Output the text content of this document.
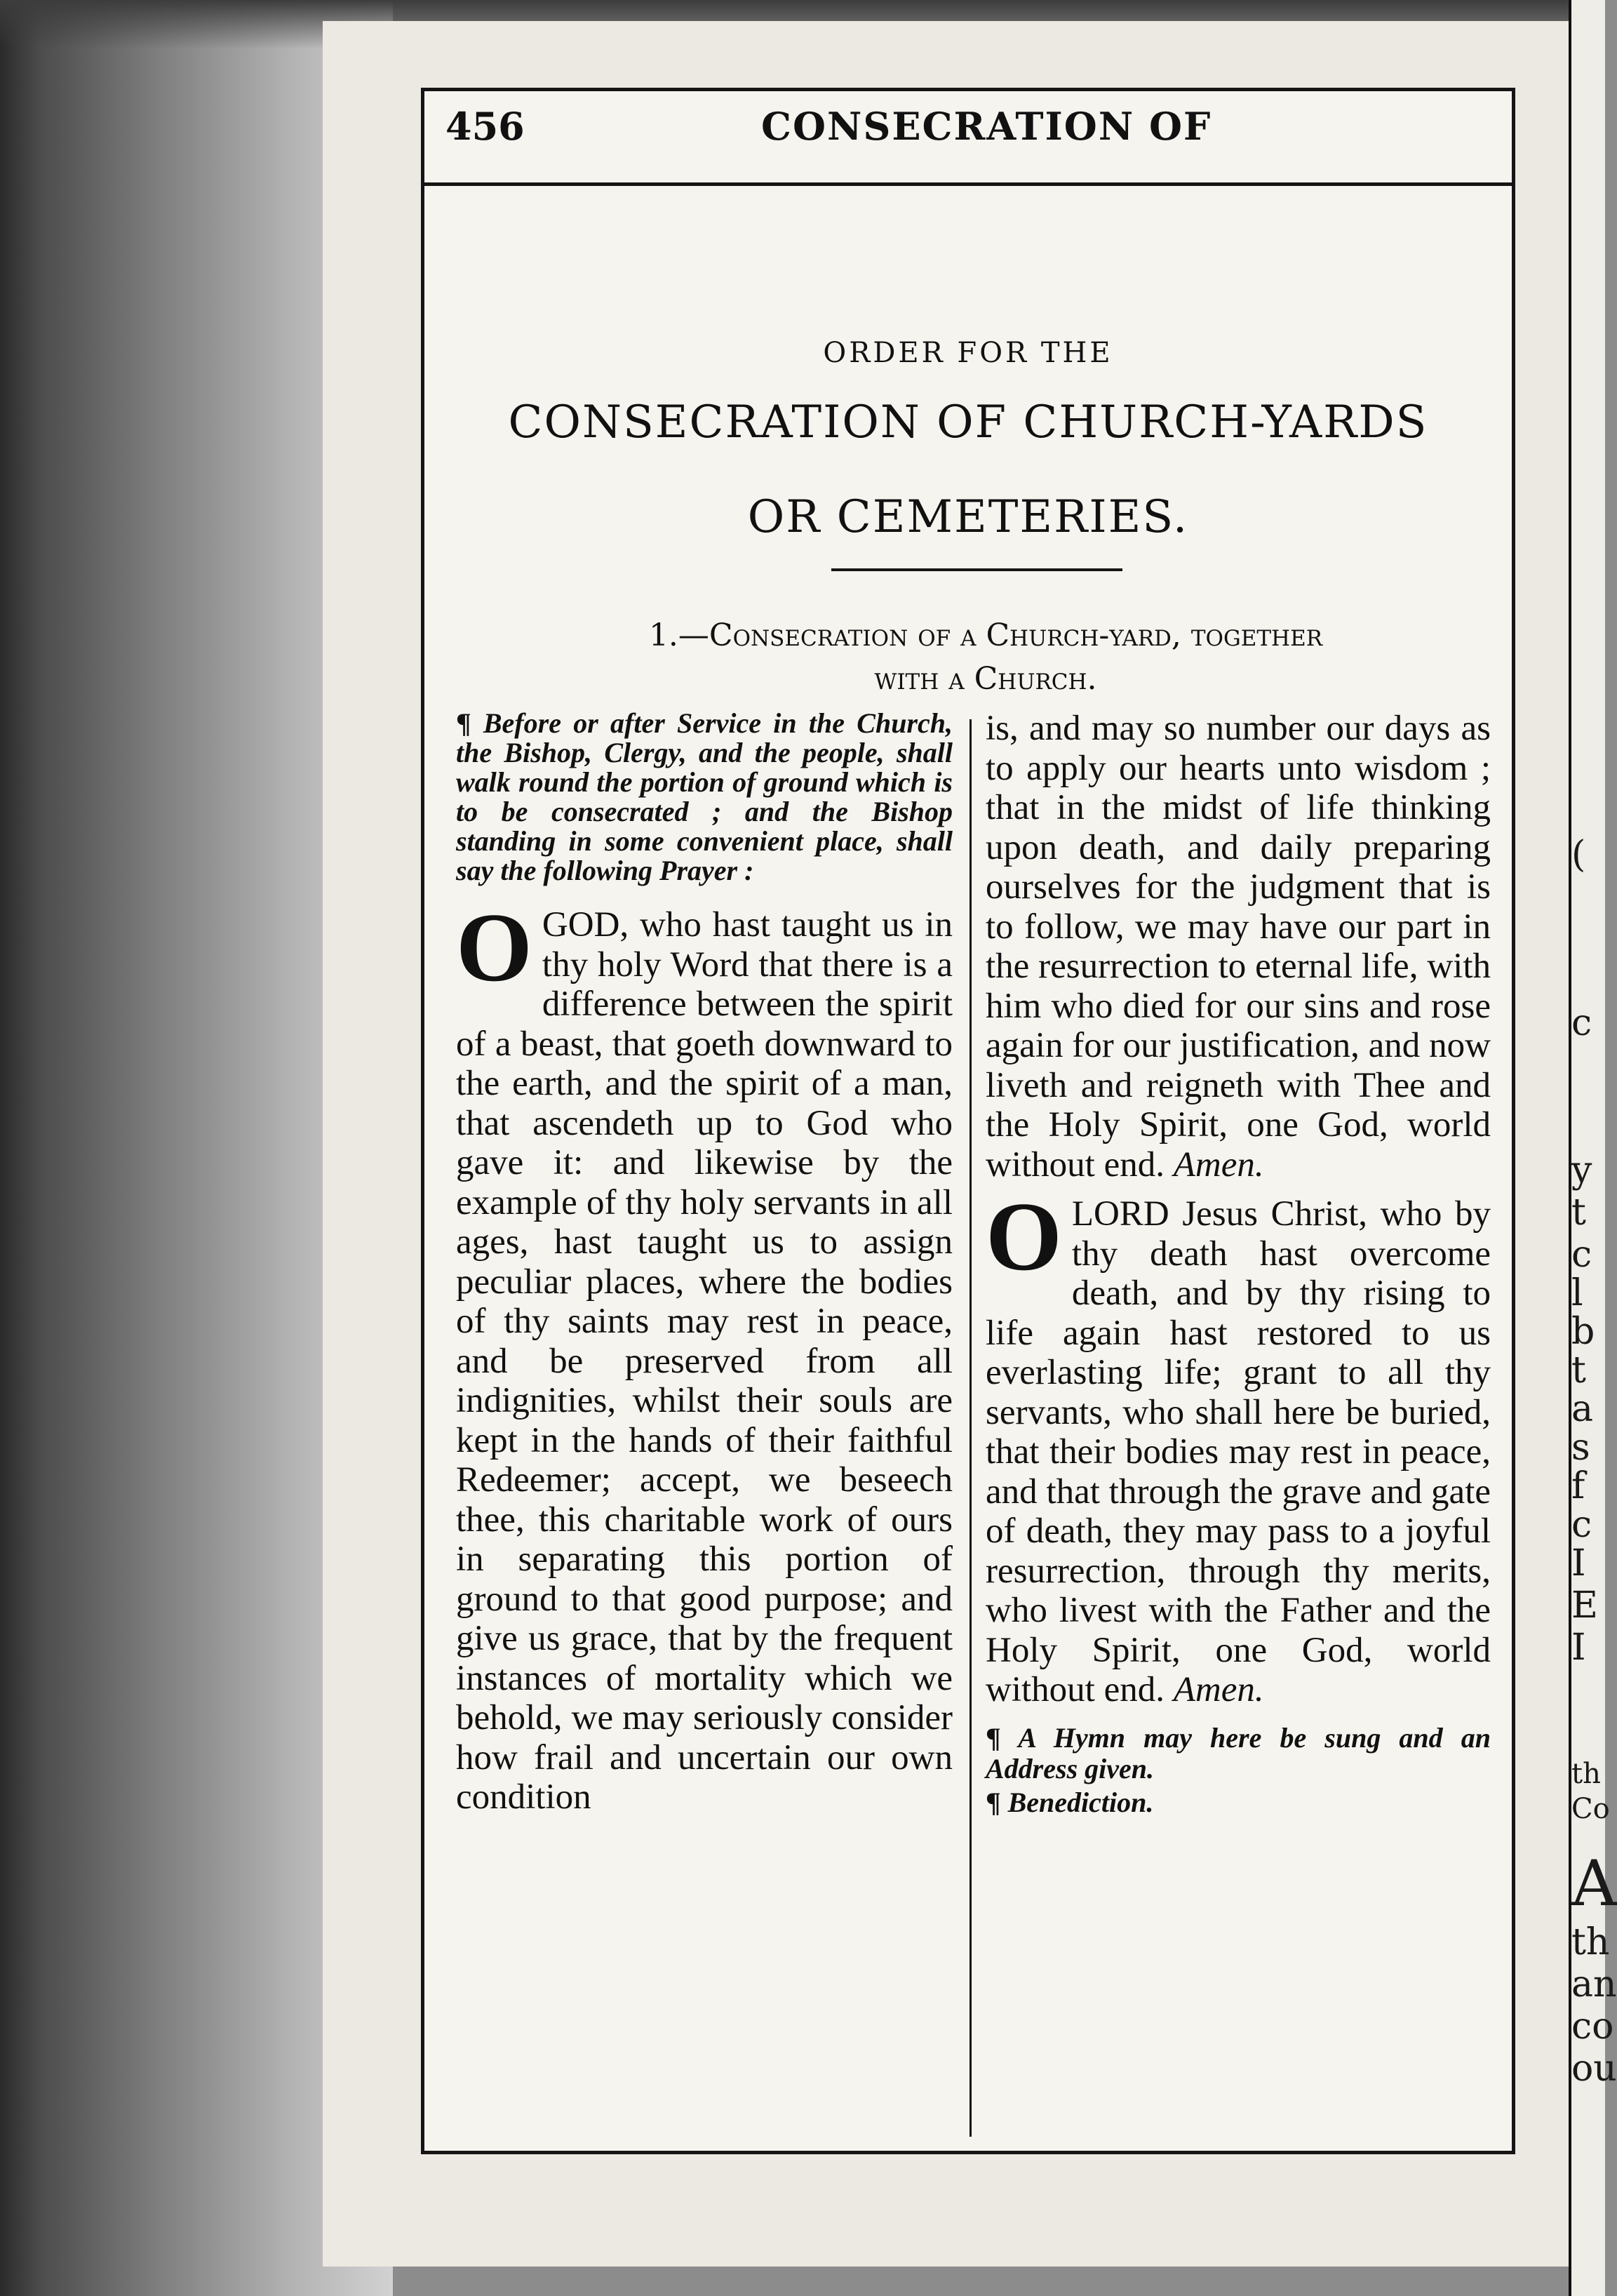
(
c
y
t
c
l
b
t
a
s
f
c
I
E
I
th
Co
A
th
an
co
ou
456	CONSECRATION OF
ORDER FOR THE
CONSECRATION OF CHURCH-YARDS
OR CEMETERIES.
1.—Consecration of a Church-yard, together
with a Church.
¶ Before or after Service in the Church, the Bishop, Clergy, and the people, shall walk round the portion of ground which is to be consecrated ; and the Bishop standing in some convenient place, shall say the following Prayer :

OGOD, who hast taught us in thy holy Word that there is a difference between the spirit of a beast, that goeth downward to the earth, and the spirit of a man, that ascendeth up to God who gave it: and likewise by the example of thy holy servants in all ages, hast taught us to assign peculiar places, where the bodies of thy saints may rest in peace, and be preserved from all indignities, whilst their souls are kept in the hands of their faithful Redeemer; accept, we beseech thee, this charitable work of ours in separating this portion of ground to that good purpose; and give us grace, that by the frequent instances of mortality which we behold, we may seriously consider how frail and uncertain our own condition

is, and may so number our days as to apply our hearts unto wisdom ; that in the midst of life thinking upon death, and daily preparing ourselves for the judgment that is to follow, we may have our part in the resurrection to eternal life, with him who died for our sins and rose again for our justification, and now liveth and reigneth with Thee and the Holy Spirit, one God, world without end. Amen.

OLORD Jesus Christ, who by thy death hast overcome death, and by thy rising to life again hast restored to us everlasting life; grant to all thy servants, who shall here be buried, that their bodies may rest in peace, and that through the grave and gate of death, they may pass to a joyful resurrection, through thy merits, who livest with the Father and the Holy Spirit, one God, world without end. Amen.

¶ A Hymn may here be sung and an Address given.
¶ Benediction.
